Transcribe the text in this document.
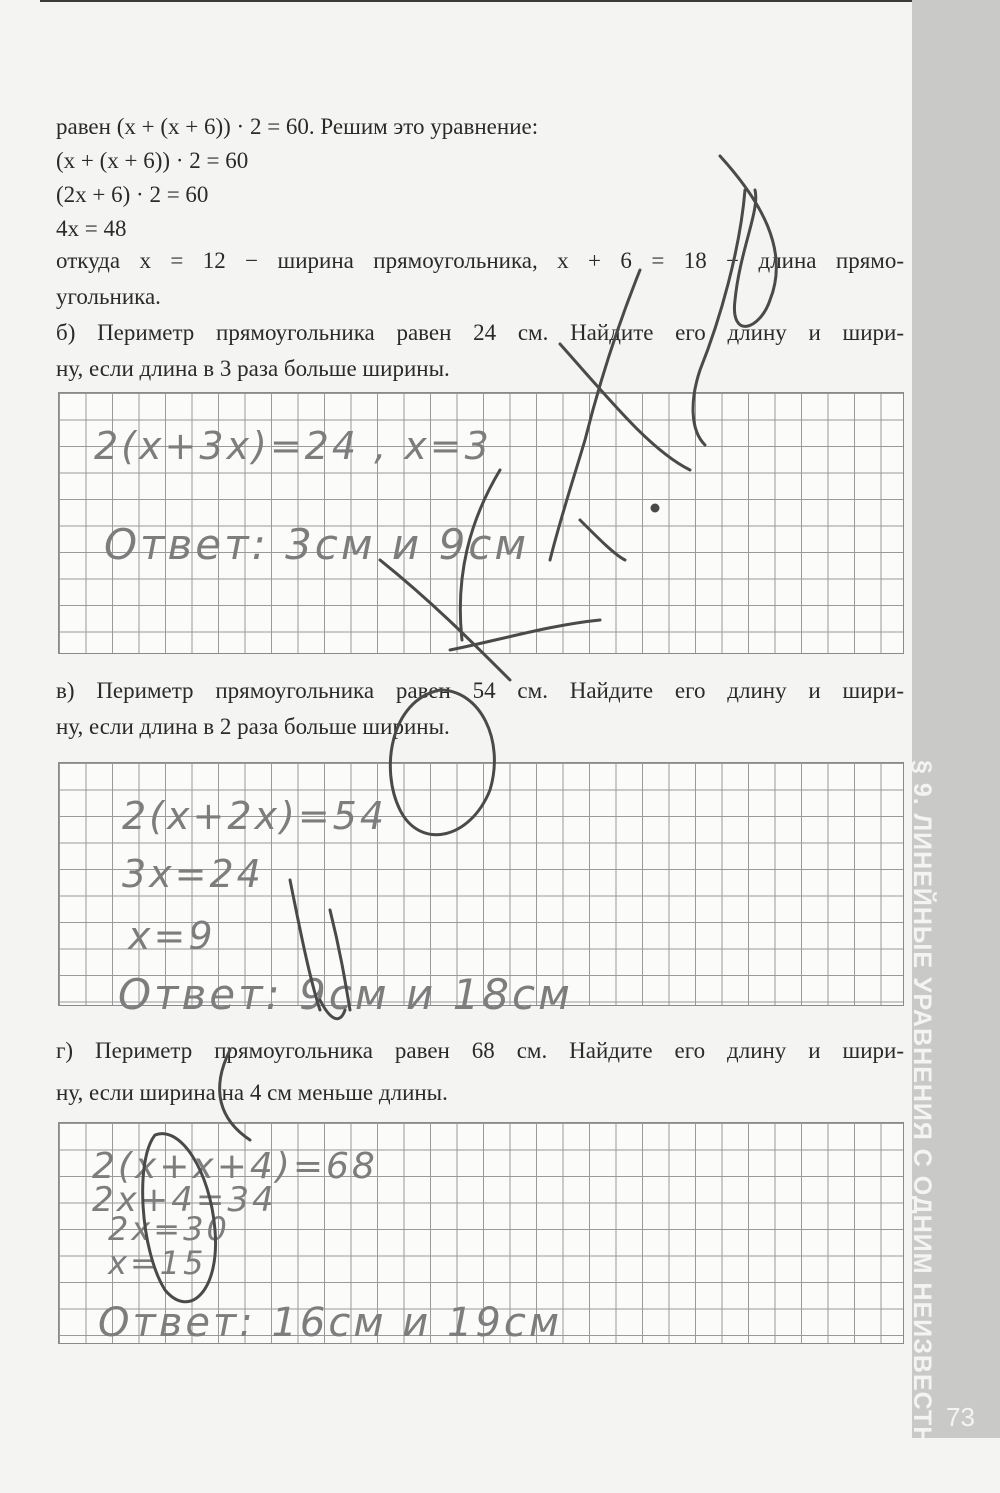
равен (x + (x + 6)) · 2 = 60. Решим это уравнение:
(x + (x + 6)) · 2 = 60
(2x + 6) · 2 = 60
4x = 48
откуда x = 12 − ширина прямоугольника, x + 6 = 18 − длина прямо-
угольника.
б) Периметр прямоугольника равен 24 см. Найдите его длину и шири-
ну, если длина в 3 раза больше ширины.
2(x+3x)=24 , x=3
Ответ: 3см и 9см
в) Периметр прямоугольника равен 54 см. Найдите его длину и шири-
ну, если длина в 2 раза больше ширины.
2(x+2x)=54
3x=24
x=9
Ответ: 9см и 18см
г) Периметр прямоугольника равен 68 см. Найдите его длину и шири-
ну, если ширина на 4 см меньше длины.
2(x+x+4)=68
2x+4=34
2x=30
x=15
Ответ: 16см и 19см	§ 9. ЛИНЕЙНЫЕ УРАВНЕНИЯ С ОДНИМ НЕИЗВЕСТНЫМ 73
